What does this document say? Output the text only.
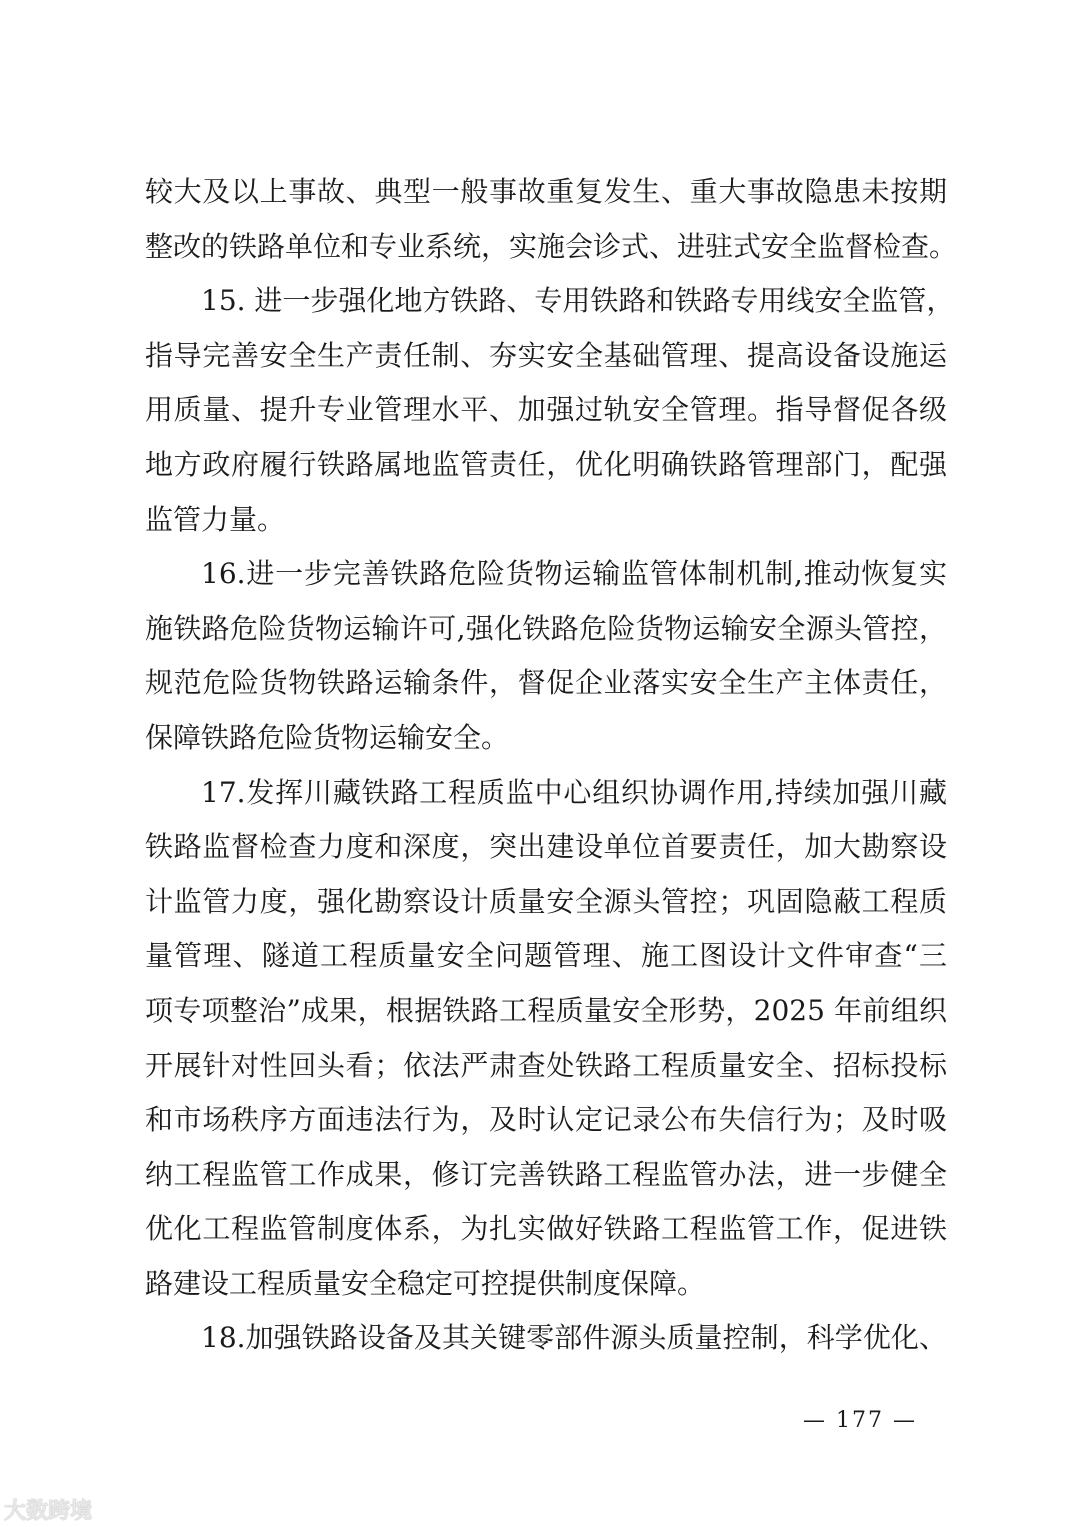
较大及以上事故、典型一般事故重复发生、重大事故隐患未按期
整改的铁路单位和专业系统，实施会诊式、进驻式安全监督检查。
15. 进一步强化地方铁路、专用铁路和铁路专用线安全监管，
指导完善安全生产责任制、夯实安全基础管理、提高设备设施运
用质量、提升专业管理水平、加强过轨安全管理。指导督促各级
地方政府履行铁路属地监管责任，优化明确铁路管理部门，配强
监管力量。
16.进一步完善铁路危险货物运输监管体制机制,推动恢复实
施铁路危险货物运输许可,强化铁路危险货物运输安全源头管控，
规范危险货物铁路运输条件，督促企业落实安全生产主体责任，
保障铁路危险货物运输安全。
17.发挥川藏铁路工程质监中心组织协调作用,持续加强川藏
铁路监督检查力度和深度，突出建设单位首要责任，加大勘察设
计监管力度，强化勘察设计质量安全源头管控；巩固隐蔽工程质
量管理、隧道工程质量安全问题管理、施工图设计文件审查“三
项专项整治”成果，根据铁路工程质量安全形势，2025 年前组织
开展针对性回头看；依法严肃查处铁路工程质量安全、招标投标
和市场秩序方面违法行为，及时认定记录公布失信行为；及时吸
纳工程监管工作成果，修订完善铁路工程监管办法，进一步健全
优化工程监管制度体系，为扎实做好铁路工程监管工作，促进铁
路建设工程质量安全稳定可控提供制度保障。
18.加强铁路设备及其关键零部件源头质量控制，科学优化、
— 177 —
大数跨境
